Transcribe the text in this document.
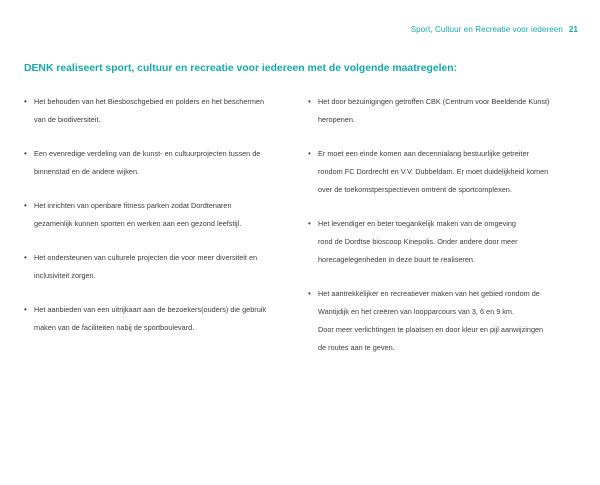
Sport, Cultuur en Recreatie voor iedereen 21
DENK realiseert sport, cultuur en recreatie voor iedereen met de volgende maatregelen:
• Het behouden van het Biesboschgebied en polders en het beschermen
van de biodiversiteit.
• Een evenredige verdeling van de kunst- en cultuurprojecten tussen de
binnenstad en de andere wijken.
• Het inrichten van openbare fitness parken zodat Dordtenaren
gezamenlijk kunnen sporten en werken aan een gezond leefstijl.
• Het ondersteunen van culturele projecten die voor meer diversiteit en
inclusiviteit zorgen.
• Het aanbieden van een uitrijkaart aan de bezoekers(ouders) die gebruik
maken van de faciliteiten nabij de sportboulevard.
• Het door bezuinigingen getroffen CBK (Centrum voor Beeldende Kunst)
heropenen.
• Er moet een einde komen aan decennialang bestuurlijke getreiter
rondom FC Dordrecht en V.V. Dubbeldam. Er moet duidelijkheid komen
over de toekomstperspectieven omtrent de sportcomplexen.
• Het levendiger en beter toegankelijk maken van de omgeving
rond de Dordtse bioscoop Kinepolis. Onder andere door meer
horecagelegenheden in deze buurt te realiseren.
• Het aantrekkelijker en recreatiever maken van het gebied rondom de
Wantijdijk en het creëren van loopparcours van 3, 6 en 9 km.
Door meer verlichtingen te plaatsen en door kleur en pijl aanwijzingen
de routes aan te geven.
